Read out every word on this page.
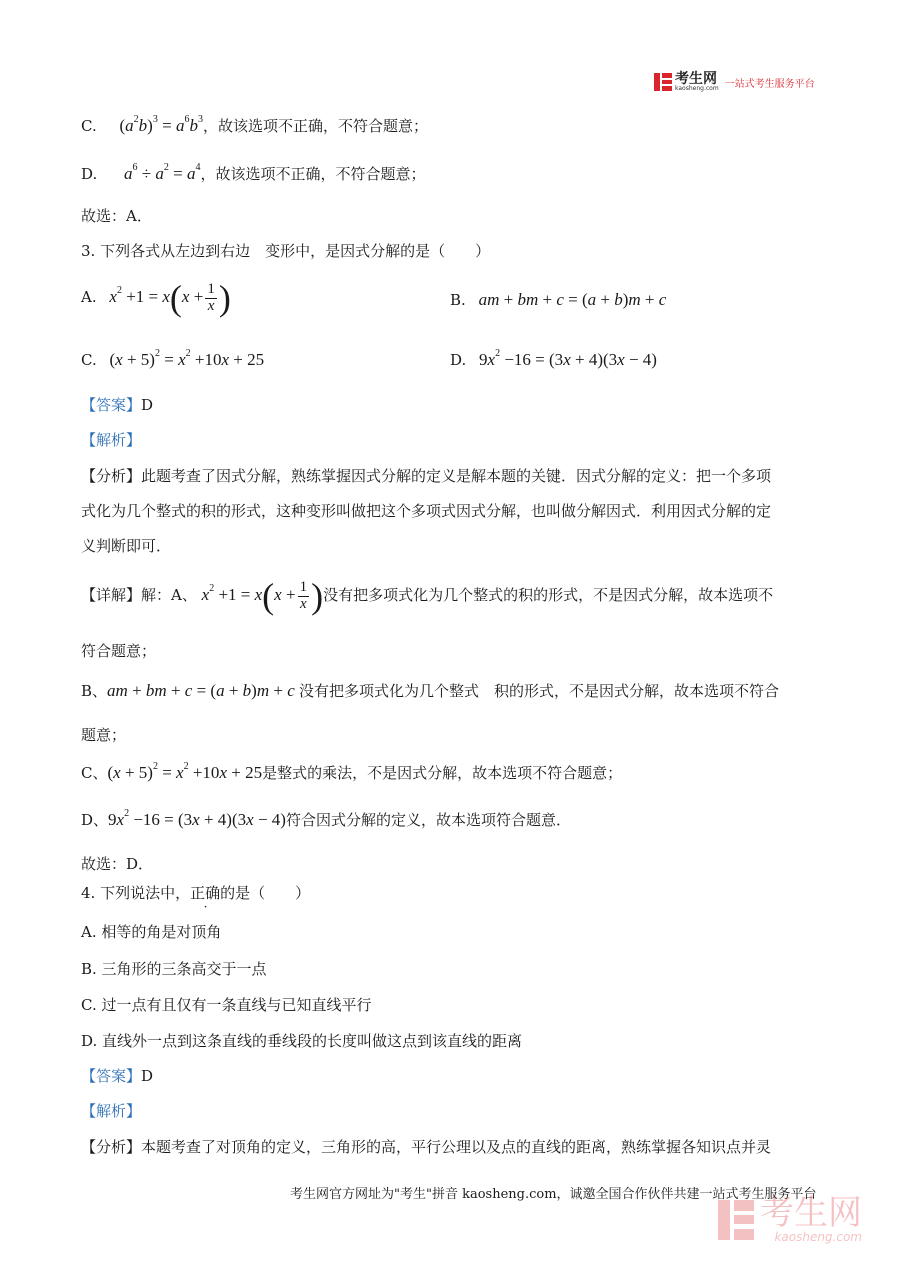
考生网
kaosheng.com 一站式考生服务平台
C. $(a^2b)^3 = a^6b^3$，故该选项不正确，不符合题意；
D. $a^6 \div a^2 = a^4$，故该选项不正确，不符合题意；
故选：A．
3. 下列各式从左边到右边　变形中，是因式分解的是（　　）
A. $x^2 +1 = x(x + \frac{1}{x}$ )	B. am + bm + c = (a + b)m + c
C. $(x + 5)^2 = x^2 +10x + 25$	D. $9x^2 -16 = (3x + 4)(3x - 4)$
【答案】D
【解析】
【分析】此题考查了因式分解，熟练掌握因式分解的定义是解本题的关键．因式分解的定义：把一个多项
式化为几个整式的积的形式，这种变形叫做把这个多项式因式分解，也叫做分解因式．利用因式分解的定
义判断即可．
【详解】解：A、 $x^2 +1 = x(x + \frac{1}{x}$ )没有把多项式化为几个整式的积的形式，不是因式分解，故本选项不
符合题意；
B、am + bm + c = (a + b)m + c 没有把多项式化为几个整式　积的形式，不是因式分解，故本选项不符合
题意；
C、$(x + 5)^2 = x^2 +10x + 25$是整式的乘法，不是因式分解，故本选项不符合题意；
D、$9x^2 -16 = (3x + 4)(3x - 4)$符合因式分解的定义，故本选项符合题意．
故选：D．
4. 下列说法中，正确的是（　　）
A. 相等的角是对顶角
B. 三角形的三条高交于一点
C. 过一点有且仅有一条直线与已知直线平行
D. 直线外一点到这条直线的垂线段的长度叫做这点到该直线的距离
【答案】D
【解析】
【分析】本题考查了对顶角的定义，三角形的高，平行公理以及点的直线的距离，熟练掌握各知识点并灵
考生网官方网址为"考生"拼音 kaosheng.com，诚邀全国合作伙伴共建一站式考生服务平台
考生网
kaosheng.com
